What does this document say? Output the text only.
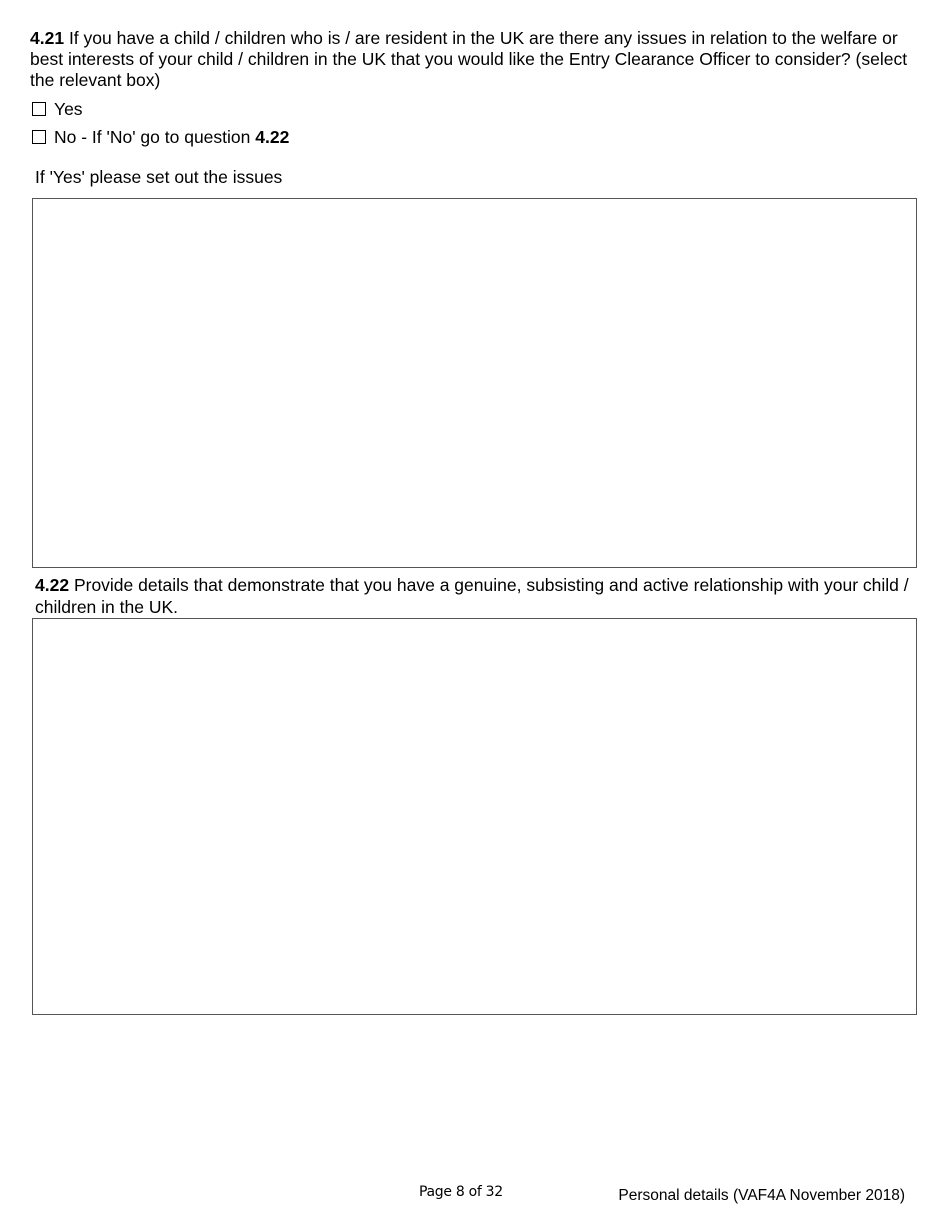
4.21 If you have a child / children who is / are resident in the UK are there any issues in relation to the welfare or best interests of your child / children in the UK that you would like the Entry Clearance Officer to consider? (select the relevant box)
Yes
No - If 'No' go to question
4.22
If 'Yes' please set out the issues
4.22 Provide details that demonstrate that you have a genuine, subsisting and active relationship with your child / children in the UK.
Page 8 of 32	Personal details (VAF4A November 2018)
